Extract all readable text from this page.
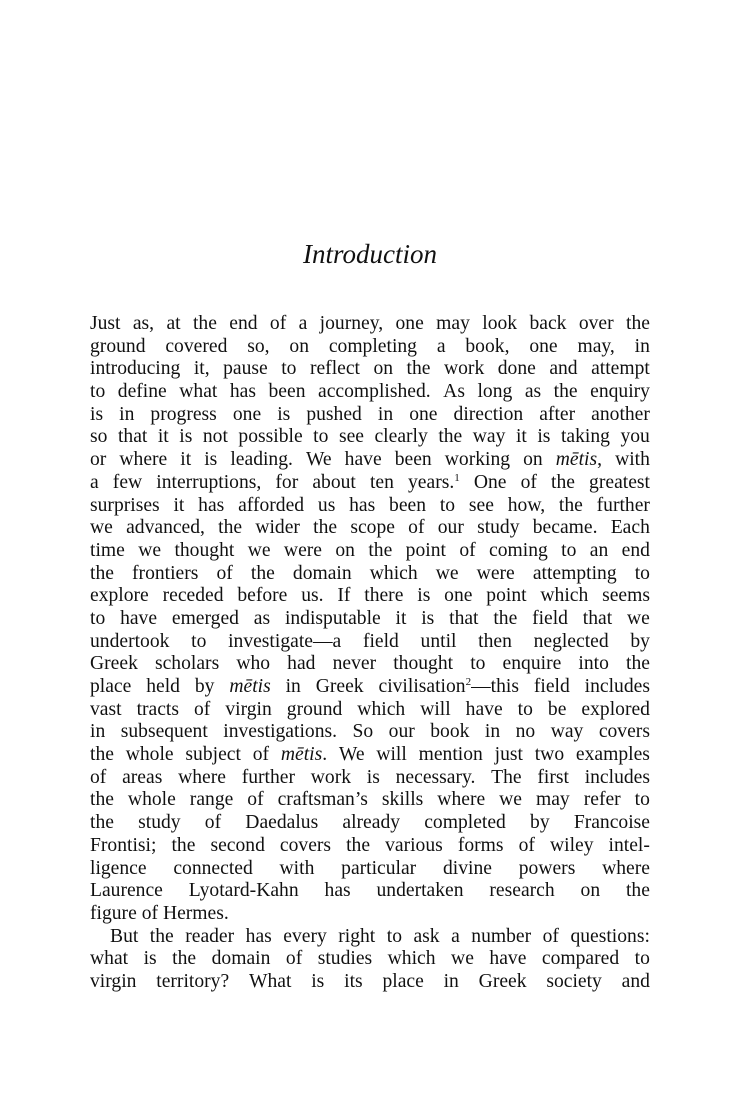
Introduction
Just as, at the end of a journey, one may look back over the
ground covered so, on completing a book, one may, in
introducing it, pause to reflect on the work done and attempt
to define what has been accomplished. As long as the enquiry
is in progress one is pushed in one direction after another
so that it is not possible to see clearly the way it is taking you
or where it is leading. We have been working on mētis, with
a few interruptions, for about ten years.$^1$ One of the greatest
surprises it has afforded us has been to see how, the further
we advanced, the wider the scope of our study became. Each
time we thought we were on the point of coming to an end
the frontiers of the domain which we were attempting to
explore receded before us. If there is one point which seems
to have emerged as indisputable it is that the field that we
undertook to investigate—a field until then neglected by
Greek scholars who had never thought to enquire into the
place held by mētis in Greek civilisation$^2$—this field includes
vast tracts of virgin ground which will have to be explored
in subsequent investigations. So our book in no way covers
the whole subject of mētis. We will mention just two examples
of areas where further work is necessary. The first includes
the whole range of craftsman’s skills where we may refer to
the study of Daedalus already completed by Francoise
Frontisi; the second covers the various forms of wiley intel-
ligence connected with particular divine powers where
Laurence Lyotard-Kahn has undertaken research on the
figure of Hermes.
But the reader has every right to ask a number of questions:
what is the domain of studies which we have compared to
virgin territory? What is its place in Greek society and
